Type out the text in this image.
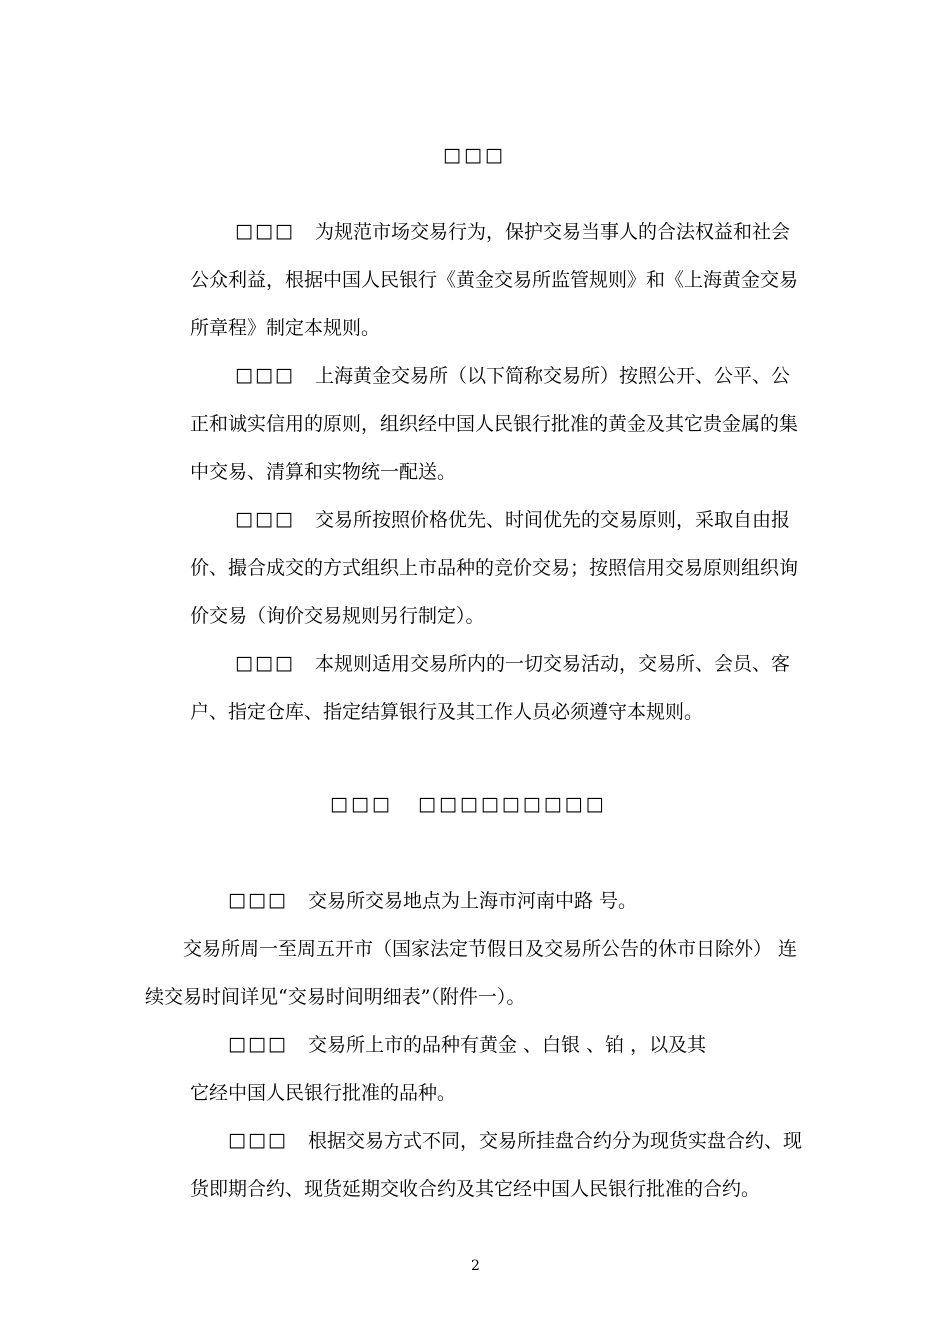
□□□
□□□ 为规范市场交易行为，保护交易当事人的合法权益和社会
公众利益，根据中国人民银行《黄金交易所监管规则》和《上海黄金交易
所章程》制定本规则。
□□□ 上海黄金交易所（以下简称交易所）按照公开、公平、公
正和诚实信用的原则，组织经中国人民银行批准的黄金及其它贵金属的集
中交易、清算和实物统一配送。
□□□ 交易所按照价格优先、时间优先的交易原则，采取自由报
价、撮合成交的方式组织上市品种的竞价交易；按照信用交易原则组织询
价交易（询价交易规则另行制定）。
□□□ 本规则适用交易所内的一切交易活动，交易所、会员、客
户、指定仓库、指定结算银行及其工作人员必须遵守本规则。
□□□ □□□□□□□□□
□□□ 交易所交易地点为上海市河南中路 号。
交易所周一至周五开市（国家法定节假日及交易所公告的休市日除外） 连
续交易时间详见“交易时间明细表”（附件一）。
□□□ 交易所上市的品种有黄金 、白银 、铂 ，以及其
它经中国人民银行批准的品种。
□□□ 根据交易方式不同，交易所挂盘合约分为现货实盘合约、现
货即期合约、现货延期交收合约及其它经中国人民银行批准的合约。
2
